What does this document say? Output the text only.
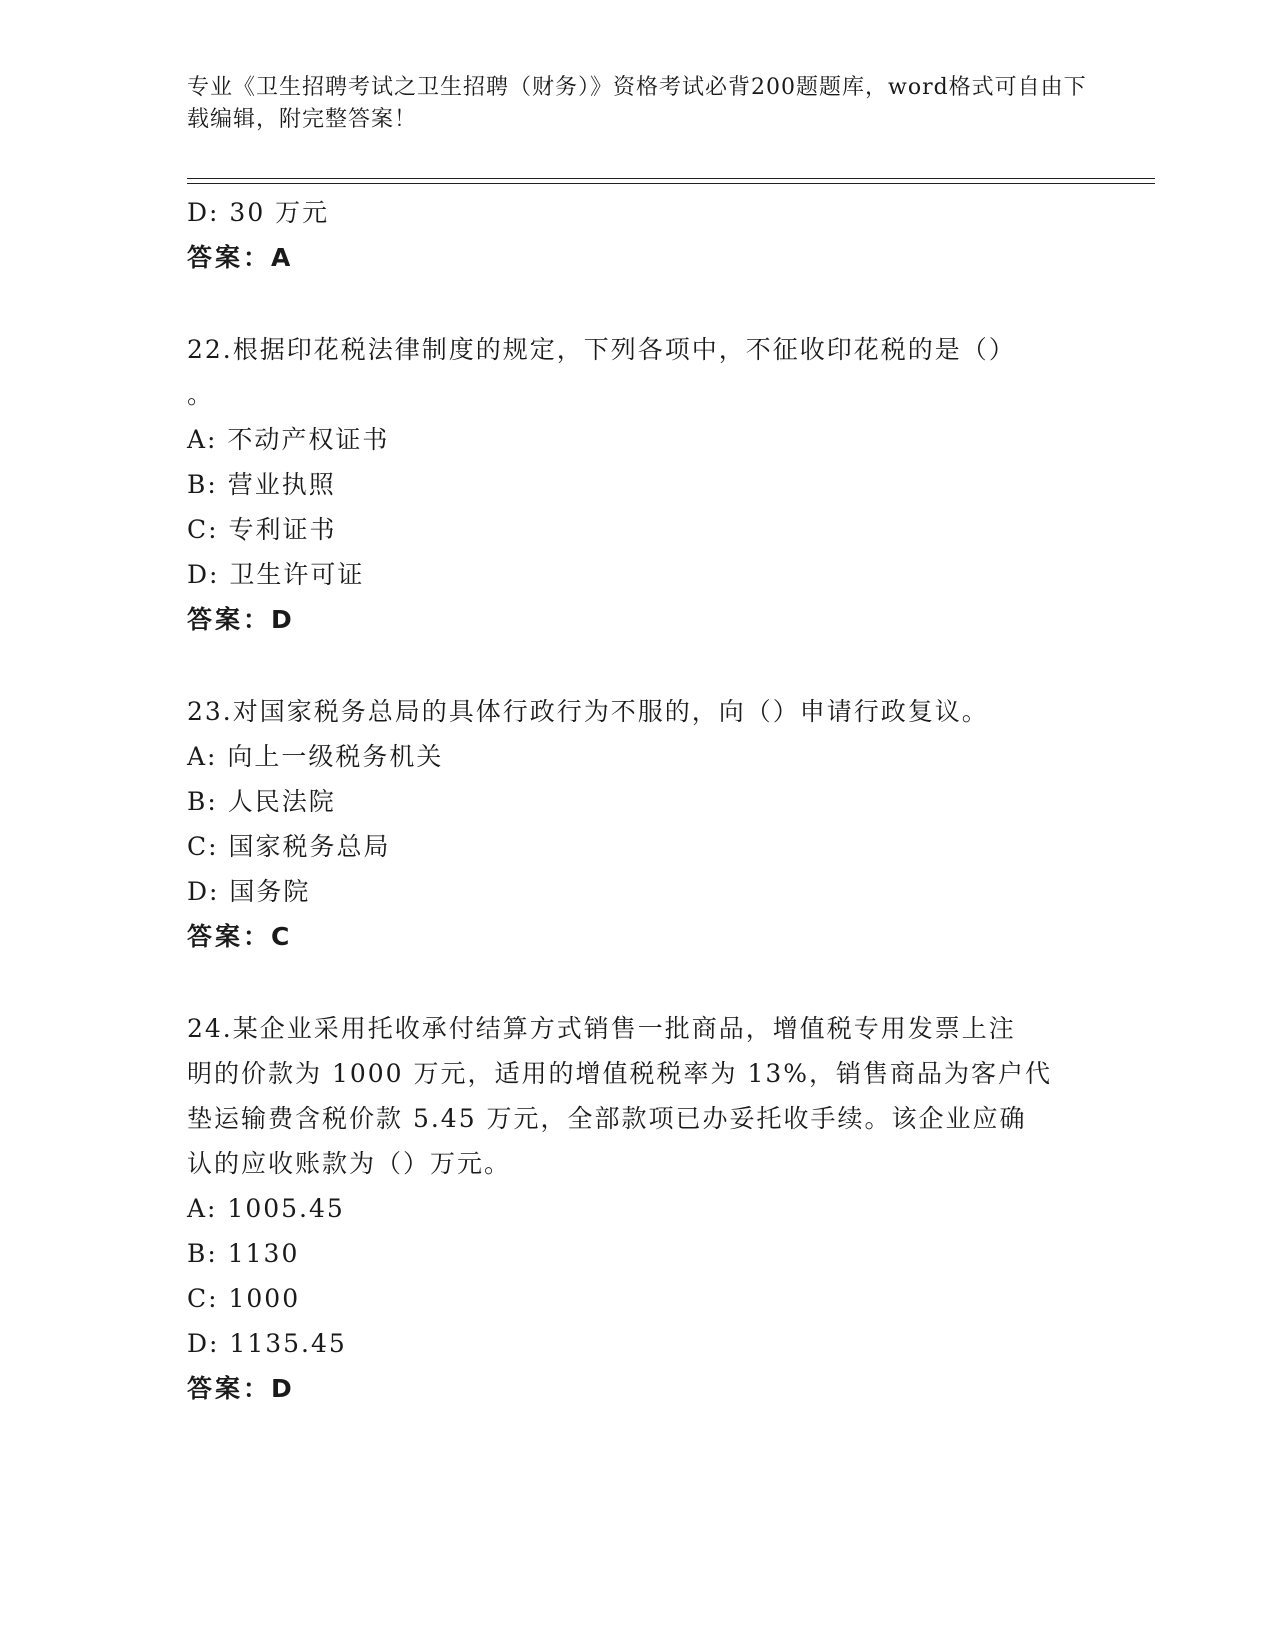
专业《卫生招聘考试之卫生招聘（财务）》资格考试必背200题题库，word格式可自由下载编辑，附完整答案！
D: 30 万元
答案：A
22.根据印花税法律制度的规定，下列各项中，不征收印花税的是（）
。
A: 不动产权证书
B: 营业执照
C: 专利证书
D: 卫生许可证
答案：D
23.对国家税务总局的具体行政行为不服的，向（）申请行政复议。
A: 向上一级税务机关
B: 人民法院
C: 国家税务总局
D: 国务院
答案：C
24.某企业采用托收承付结算方式销售一批商品，增值税专用发票上注
明的价款为 1000 万元，适用的增值税税率为 13%，销售商品为客户代
垫运输费含税价款 5.45 万元，全部款项已办妥托收手续。该企业应确
认的应收账款为（）万元。
A: 1005.45
B: 1130
C: 1000
D: 1135.45
答案：D
